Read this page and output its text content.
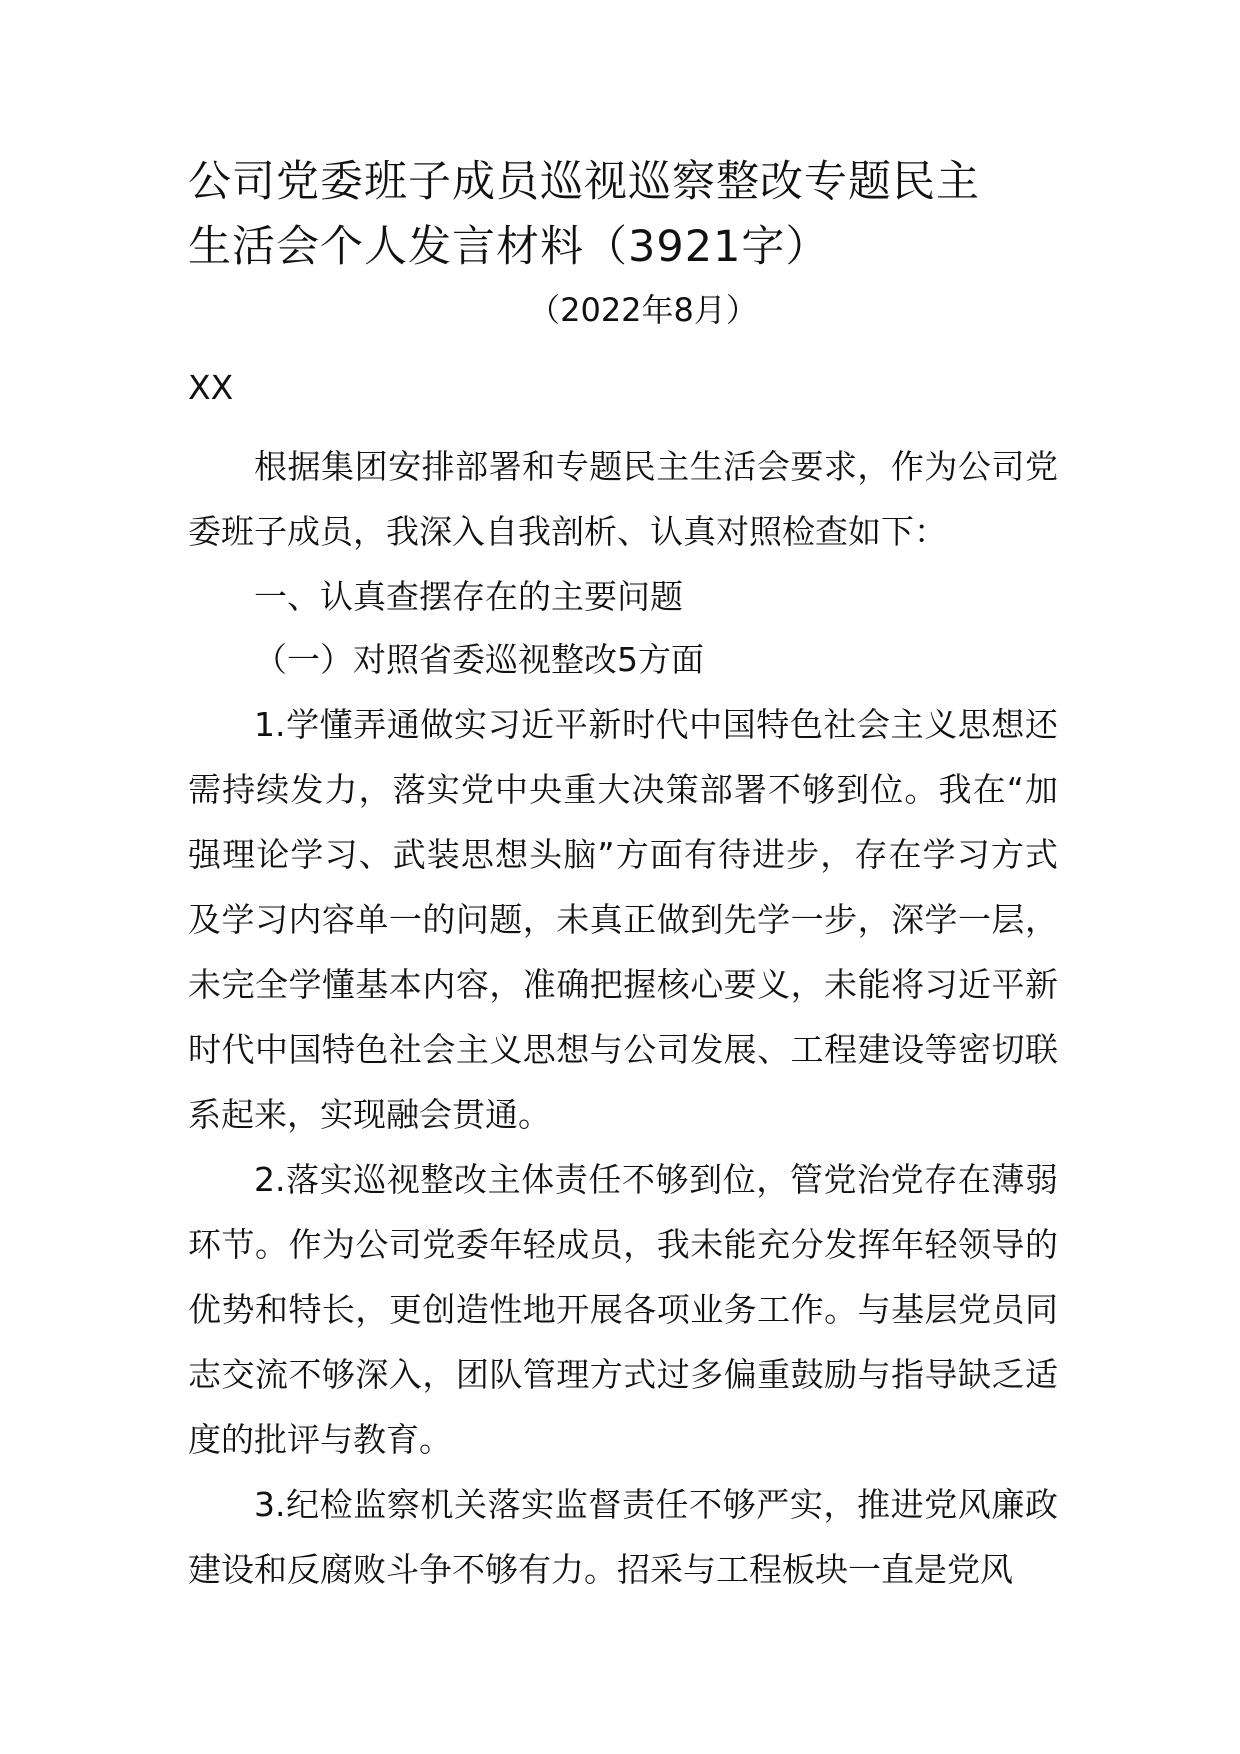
公司党委班子成员巡视巡察整改专题民主
生活会个人发言材料（3921字）
（2022年8月）
XX

根据集团安排部署和专题民主生活会要求，作为公司党委班子成员，我深入自我剖析、认真对照检查如下：

一、认真查摆存在的主要问题

（一）对照省委巡视整改5方面

1.学懂弄通做实习近平新时代中国特色社会主义思想还需持续发力，落实党中央重大决策部署不够到位。我在“加强理论学习、武装思想头脑”方面有待进步，存在学习方式及学习内容单一的问题，未真正做到先学一步，深学一层，未完全学懂基本内容，准确把握核心要义，未能将习近平新时代中国特色社会主义思想与公司发展、工程建设等密切联系起来，实现融会贯通。

2.落实巡视整改主体责任不够到位，管党治党存在薄弱环节。作为公司党委年轻成员，我未能充分发挥年轻领导的优势和特长，更创造性地开展各项业务工作。与基层党员同志交流不够深入，团队管理方式过多偏重鼓励与指导缺乏适度的批评与教育。

3.纪检监察机关落实监督责任不够严实，推进党风廉政建设和反腐败斗争不够有力。招采与工程板块一直是党风
